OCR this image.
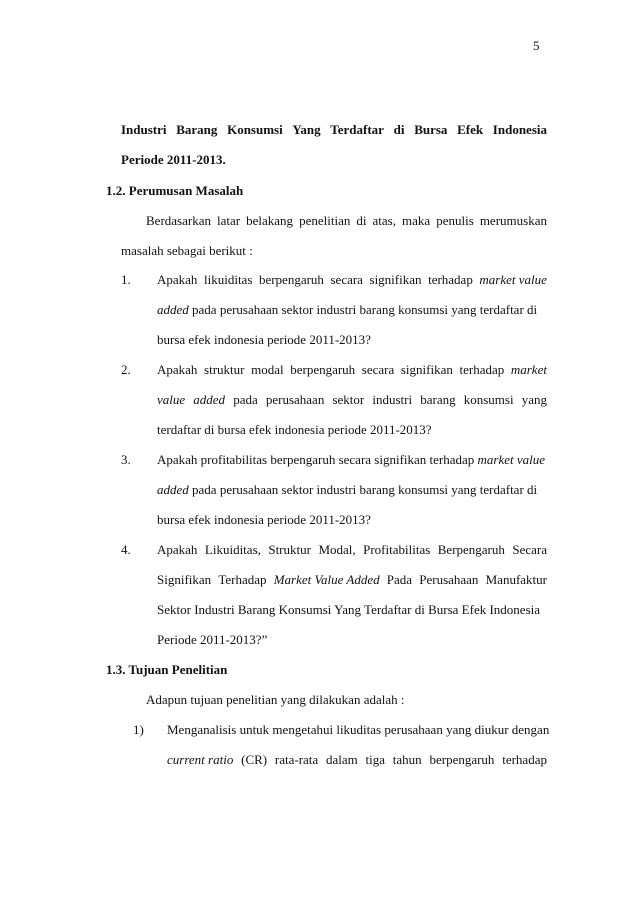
5
Industri Barang Konsumsi Yang Terdaftar di Bursa Efek Indonesia
Periode 2011-2013.
1.2. Perumusan Masalah
Berdasarkan latar belakang penelitian di atas, maka penulis merumuskan
masalah sebagai berikut :
1. Apakah likuiditas berpengaruh secara signifikan terhadap market value
added pada perusahaan sektor industri barang konsumsi yang terdaftar di
bursa efek indonesia periode 2011-2013?
2. Apakah struktur modal berpengaruh secara signifikan terhadap market
value added pada perusahaan sektor industri barang konsumsi yang
terdaftar di bursa efek indonesia periode 2011-2013?
3. Apakah profitabilitas berpengaruh secara signifikan terhadap market value
added pada perusahaan sektor industri barang konsumsi yang terdaftar di
bursa efek indonesia periode 2011-2013?
4. Apakah Likuiditas, Struktur Modal, Profitabilitas Berpengaruh Secara
Signifikan Terhadap Market Value Added Pada Perusahaan Manufaktur
Sektor Industri Barang Konsumsi Yang Terdaftar di Bursa Efek Indonesia
Periode 2011-2013?”
1.3. Tujuan Penelitian
Adapun tujuan penelitian yang dilakukan adalah :
1) Menganalisis untuk mengetahui likuditas perusahaan yang diukur dengan
current ratio (CR) rata-rata dalam tiga tahun berpengaruh terhadap
